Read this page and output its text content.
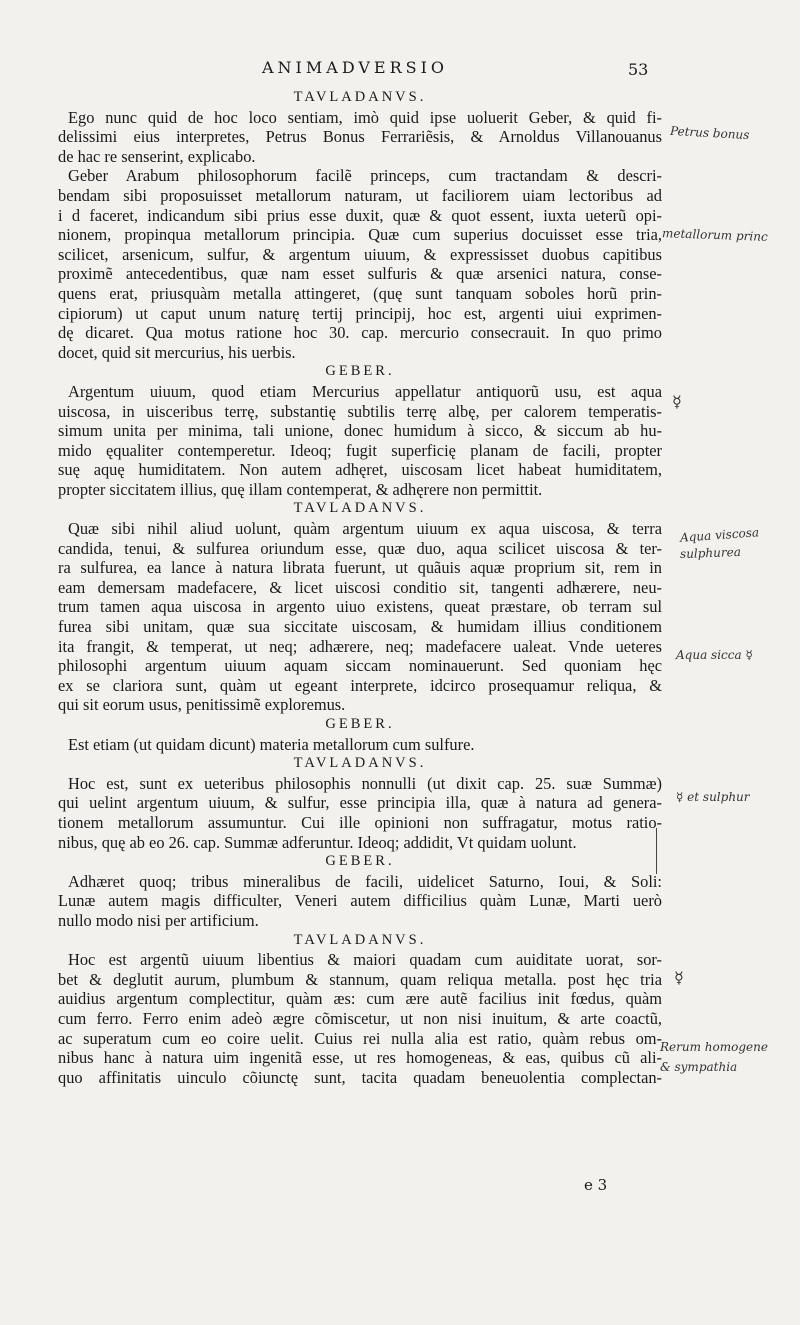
ANIMADVERSIO	53
TAVLADANVS.
Ego nunc quid de hoc loco sentiam, imò quid ipse uoluerit Geber, & quid fi-
delissimi eius interpretes, Petrus Bonus Ferrariẽsis, & Arnoldus Villanouanus
de hac re senserint, explicabo.
Geber Arabum philosophorum facilẽ princeps, cum tractandam & descri-
bendam sibi proposuisset metallorum naturam, ut faciliorem uiam lectoribus ad
i d faceret, indicandum sibi prius esse duxit, quæ & quot essent, iuxta ueterũ opi-
nionem, propinqua metallorum principia. Quæ cum superius docuisset esse tria,
scilicet, arsenicum, sulfur, & argentum uiuum, & expressisset duobus capitibus
proximẽ antecedentibus, quæ nam esset sulfuris & quæ arsenici natura, conse-
quens erat, priusquàm metalla attingeret, (quę sunt tanquam soboles horũ prin-
cipiorum) ut caput unum naturę tertij principij, hoc est, argenti uiui exprimen-
dę dicaret. Qua motus ratione hoc 30. cap. mercurio consecrauit. In quo primo
docet, quid sit mercurius, his uerbis.
GEBER.
Argentum uiuum, quod etiam Mercurius appellatur antiquorũ usu, est aqua
uiscosa, in uisceribus terrę, substantię subtilis terrę albę, per calorem temperatis-
simum unita per minima, tali unione, donec humidum à sicco, & siccum ab hu-
mido ęqualiter contemperetur. Ideoq; fugit superficię planam de facili, propter
suę aquę humiditatem. Non autem adhęret, uiscosam licet habeat humiditatem,
propter siccitatem illius, quę illam contemperat, & adhęrere non permittit.
TAVLADANVS.
Quæ sibi nihil aliud uolunt, quàm argentum uiuum ex aqua uiscosa, & terra
candida, tenui, & sulfurea oriundum esse, quæ duo, aqua scilicet uiscosa & ter-
ra sulfurea, ea lance à natura librata fuerunt, ut quãuis aquæ proprium sit, rem in
eam demersam madefacere, & licet uiscosi conditio sit, tangenti adhærere, neu-
trum tamen aqua uiscosa in argento uiuo existens, queat præstare, ob terram sul
furea sibi unitam, quæ sua siccitate uiscosam, & humidam illius conditionem
ita frangit, & temperat, ut neq; adhærere, neq; madefacere ualeat. Vnde ueteres
philosophi argentum uiuum aquam siccam nominauerunt. Sed quoniam hęc
ex se clariora sunt, quàm ut egeant interprete, idcirco prosequamur reliqua, &
qui sit eorum usus, penitissimẽ exploremus.
GEBER.
Est etiam (ut quidam dicunt) materia metallorum cum sulfure.
TAVLADANVS.
Hoc est, sunt ex ueteribus philosophis nonnulli (ut dixit cap. 25. suæ Summæ)
qui uelint argentum uiuum, & sulfur, esse principia illa, quæ à natura ad genera-
tionem metallorum assumuntur. Cui ille opinioni non suffragatur, motus ratio-
nibus, quę ab eo 26. cap. Summæ adferuntur. Ideoq; addidit, Vt quidam uolunt.
GEBER.
Adhæret quoq; tribus mineralibus de facili, uidelicet Saturno, Ioui, & Soli:
Lunæ autem magis difficulter, Veneri autem difficilius quàm Lunæ, Marti uerò
nullo modo nisi per artificium.
TAVLADANVS.
Hoc est argentũ uiuum libentius & maiori quadam cum auiditate uorat, sor-
bet & deglutit aurum, plumbum & stannum, quam reliqua metalla. post hęc tria
auidius argentum complectitur, quàm æs: cum ære autẽ facilius init fœdus, quàm
cum ferro. Ferro enim adeò ægre cõmiscetur, ut non nisi inuitum, & arte coactũ,
ac superatum cum eo coire uelit. Cuius rei nulla alia est ratio, quàm rebus om-
nibus hanc à natura uim ingenitã esse, ut res homogeneas, & eas, quibus cũ ali-
quo affinitatis uinculo cõiunctę sunt, tacita quadam beneuolentia complectan-
Petrus bonus
metallorum princ
☿
Aqua viscosa
sulphurea
Aqua sicca ☿
☿ et sulphur
☿
Rerum homogene
& sympathia
e 3
